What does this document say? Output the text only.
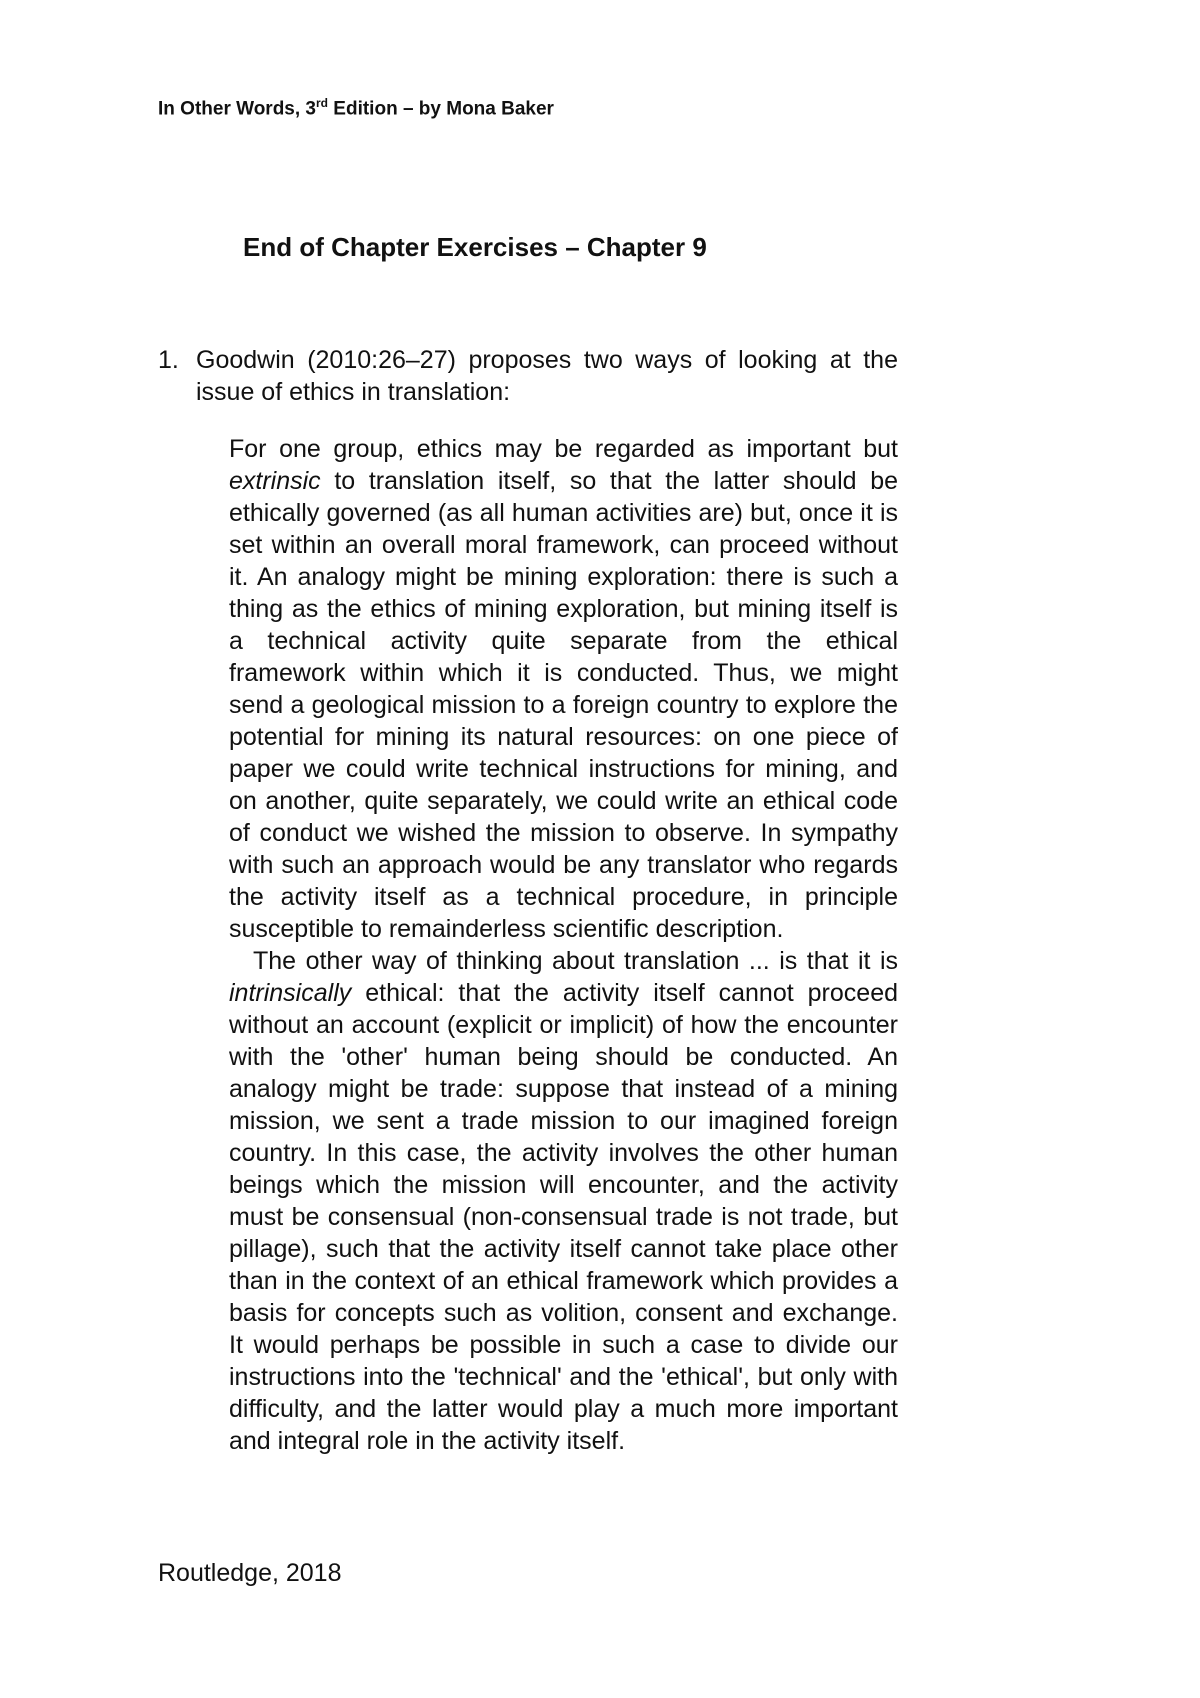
In Other Words, 3rd Edition – by Mona Baker
End of Chapter Exercises – Chapter 9
1. Goodwin (2010:26–27) proposes two ways of looking at the issue of ethics in translation:

For one group, ethics may be regarded as important but extrinsic to translation itself, so that the latter should be ethically governed (as all human activities are) but, once it is set within an overall moral framework, can proceed without it. An analogy might be mining exploration: there is such a thing as the ethics of mining exploration, but mining itself is a technical activity quite separate from the ethical framework within which it is conducted. Thus, we might send a geological mission to a foreign country to explore the potential for mining its natural resources: on one piece of paper we could write technical instructions for mining, and on another, quite separately, we could write an ethical code of conduct we wished the mission to observe. In sympathy with such an approach would be any translator who regards the activity itself as a technical procedure, in principle susceptible to remainderless scientific description.

The other way of thinking about translation ... is that it is intrinsically ethical: that the activity itself cannot proceed without an account (explicit or implicit) of how the encounter with the 'other' human being should be conducted. An analogy might be trade: suppose that instead of a mining mission, we sent a trade mission to our imagined foreign country. In this case, the activity involves the other human beings which the mission will encounter, and the activity must be consensual (non-consensual trade is not trade, but pillage), such that the activity itself cannot take place other than in the context of an ethical framework which provides a basis for concepts such as volition, consent and exchange. It would perhaps be possible in such a case to divide our instructions into the 'technical' and the 'ethical', but only with difficulty, and the latter would play a much more important and integral role in the activity itself.

Routledge, 2018
